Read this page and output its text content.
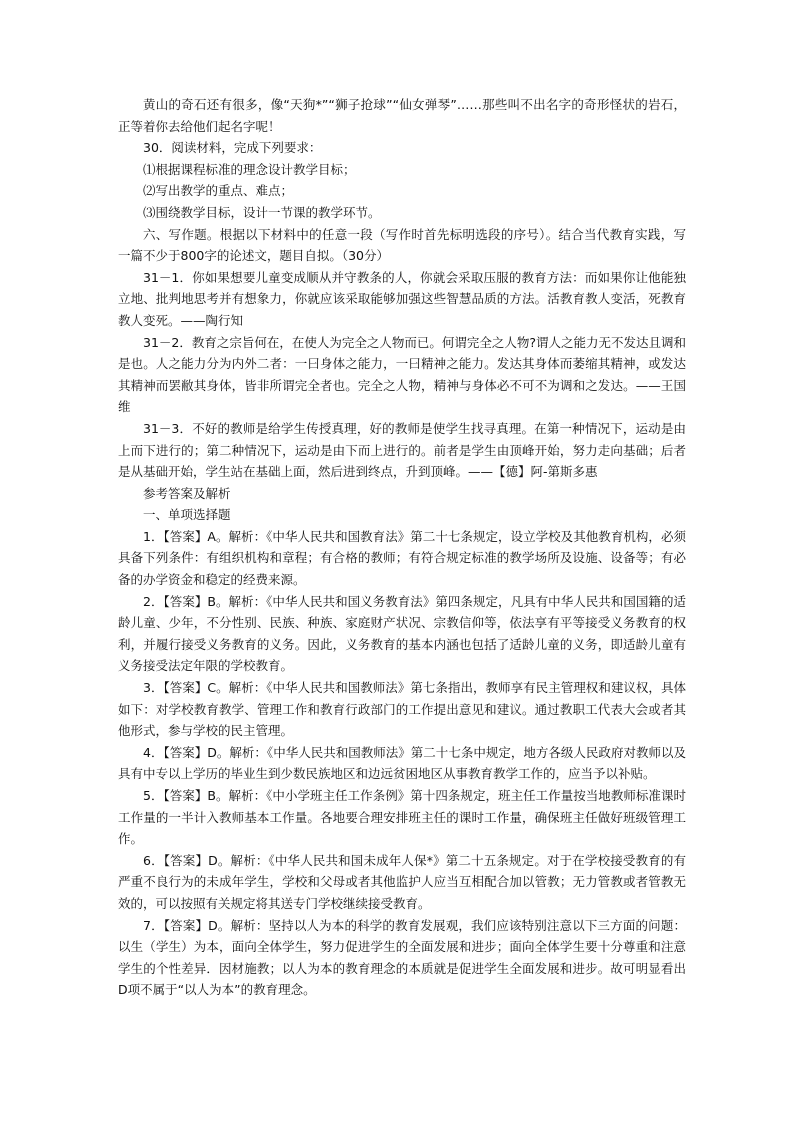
黄山的奇石还有很多，像“天狗*”“狮子抢球”“仙女弹琴”……那些叫不出名字的奇形怪状的岩石，正等着你去给他们起名字呢！

30．阅读材料，完成下列要求：

⑴根据课程标准的理念设计教学目标；

⑵写出教学的重点、难点；

⑶围绕教学目标，设计一节课的教学环节。

六、写作题。根据以下材料中的任意一段（写作时首先标明选段的序号）。结合当代教育实践，写一篇不少于800字的论述文，题目自拟。（30分）

31－1．你如果想要儿童变成顺从并守教条的人，你就会采取压服的教育方法：而如果你让他能独立地、批判地思考并有想象力，你就应该采取能够加强这些智慧品质的方法。活教育教人变活，死教育教人变死。——陶行知

31－2．教育之宗旨何在，在使人为完全之人物而已。何谓完全之人物?谓人之能力无不发达且调和是也。人之能力分为内外二者：一曰身体之能力，一曰精神之能力。发达其身体而萎缩其精神，或发达其精神而罢敝其身体，皆非所谓完全者也。完全之人物，精神与身体必不可不为调和之发达。——王国维

31－3．不好的教师是给学生传授真理，好的教师是使学生找寻真理。在第一种情况下，运动是由上而下进行的；第二种情况下，运动是由下而上进行的。前者是学生由顶峰开始，努力走向基础；后者是从基础开始，学生站在基础上面，然后进到终点，升到顶峰。——【德】阿-第斯多惠

参考答案及解析

一、单项选择题

1．【答案】A。解析：《中华人民共和国教育法》第二十七条规定，设立学校及其他教育机构，必须具备下列条件：有组织机构和章程；有合格的教师；有符合规定标准的教学场所及设施、设备等；有必备的办学资金和稳定的经费来源。

2．【答案】B。解析：《中华人民共和国义务教育法》第四条规定，凡具有中华人民共和国国籍的适龄儿童、少年，不分性别、民族、种族、家庭财产状况、宗教信仰等，依法享有平等接受义务教育的权利，并履行接受义务教育的义务。因此，义务教育的基本内涵也包括了适龄儿童的义务，即适龄儿童有义务接受法定年限的学校教育。

3．【答案】C。解析：《中华人民共和国教师法》第七条指出，教师享有民主管理权和建议权，具体如下：对学校教育教学、管理工作和教育行政部门的工作提出意见和建议。通过教职工代表大会或者其他形式，参与学校的民主管理。

4．【答案】D。解析：《中华人民共和国教师法》第二十七条中规定，地方各级人民政府对教师以及具有中专以上学历的毕业生到少数民族地区和边远贫困地区从事教育教学工作的，应当予以补贴。

5．【答案】B。解析：《中小学班主任工作条例》第十四条规定，班主任工作量按当地教师标准课时工作量的一半计入教师基本工作量。各地要合理安排班主任的课时工作量，确保班主任做好班级管理工作。

6．【答案】D。解析：《中华人民共和国未成年人保*》第二十五条规定。对于在学校接受教育的有严重不良行为的未成年学生，学校和父母或者其他监护人应当互相配合加以管教；无力管教或者管教无效的，可以按照有关规定将其送专门学校继续接受教育。

7．【答案】D。解析：坚持以人为本的科学的教育发展观，我们应该特别注意以下三方面的问题：以生（学生）为本，面向全体学生，努力促进学生的全面发展和进步；面向全体学生要十分尊重和注意学生的个性差异．因材施教；以人为本的教育理念的本质就是促进学生全面发展和进步。故可明显看出D项不属于“以人为本”的教育理念。
